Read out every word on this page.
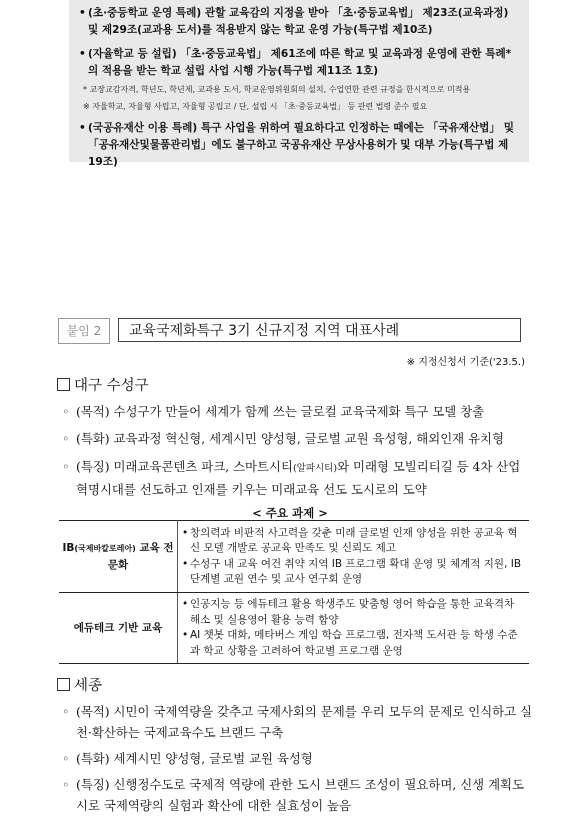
• (초·중등학교 운영 특례) 관할 교육감의 지정을 받아 「초·중등교육법」 제23조(교육과정) 및 제29조(교과용 도서)를 적용받지 않는 학교 운영 가능(특구법 제10조)
• (자율학교 등 설립) 「초·중등교육법」 제61조에 따른 학교 및 교육과정 운영에 관한 특례* 의 적용을 받는 학교 설립 사업 시행 가능(특구법 제11조 1호)
* 교장교감자격, 학년도, 학년제, 교과용 도서, 학교운영위원회의 설치, 수업연한 관련 규정을 한시적으로 미적용
※ 자율학교, 자율형 사립고, 자율형 공립고 / 단, 설립 시 「초·중등교육법」 등 관련 법령 준수 필요
• (국공유재산 이용 특례) 특구 사업을 위하여 필요하다고 인정하는 때에는 「국유재산법」 및 「공유재산및물품관리법」에도 불구하고 국공유재산 무상사용허가 및 대부 가능(특구법 제19조)
붙임 2	교육국제화특구 3기 신규지정 지역 대표사례
※ 지정신청서 기준('23.5.)
대구 수성구
◦ (목적) 수성구가 만들어 세계가 함께 쓰는 글로컬 교육국제화 특구 모델 창출
◦ (특화) 교육과정 혁신형, 세계시민 양성형, 글로벌 교원 육성형, 해외인재 유치형
◦ (특징) 미래교육콘텐츠 파크, 스마트시티(알파시티)와 미래형 모빌리티길 등 4차 산업 혁명시대를 선도하고 인재를 키우는 미래교육 선도 도시로의 도약
< 주요 과제 >
IB(국제바칼로레아) 교육 전문화	• 창의력과 비판적 사고력을 갖춘 미래 글로벌 인재 양성을 위한 공교육 혁신 모델 개발로 공교육 만족도 및 신뢰도 제고
• 수성구 내 교육 여건 취약 지역 IB 프로그램 확대 운영 및 체계적 지원, IB 단계별 교원 연수 및 교사 연구회 운영

에듀테크 기반 교육	• 인공지능 등 에듀테크 활용 학생주도 맞춤형 영어 학습을 통한 교육격차 해소 및 실용영어 활용 능력 함양
• AI 챗봇 대화, 메타버스 게임 학습 프로그램, 전자책 도서관 등 학생 수준과 학교 상황을 고려하여 학교별 프로그램 운영
세종
◦ (목적) 시민이 국제역량을 갖추고 국제사회의 문제를 우리 모두의 문제로 인식하고 실천·확산하는 국제교육수도 브랜드 구축
◦ (특화) 세계시민 양성형, 글로벌 교원 육성형
◦ (특징) 신행정수도로 국제적 역량에 관한 도시 브랜드 조성이 필요하며, 신생 계획도시로 국제역량의 실험과 확산에 대한 실효성이 높음
